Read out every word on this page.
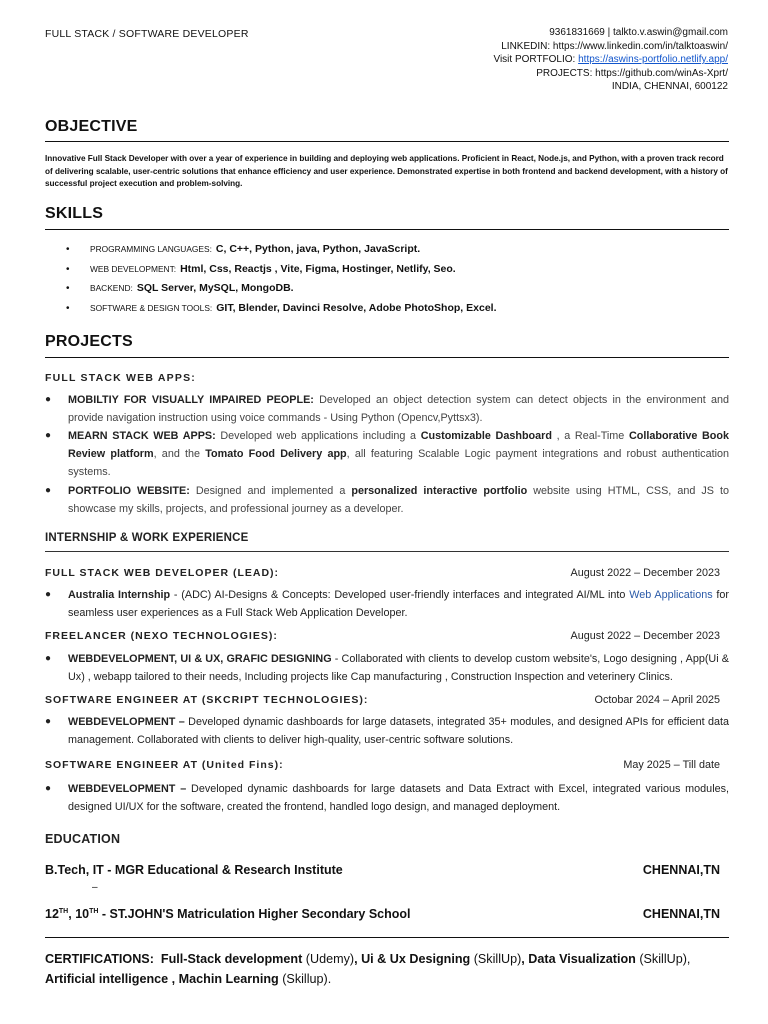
FULL STACK / SOFTWARE DEVELOPER	9361831669 | talkto.v.aswin@gmail.com
LINKEDIN: https://www.linkedin.com/in/talktoaswin/
Visit PORTFOLIO: https://aswins-portfolio.netlify.app/
PROJECTS: https://github.com/winAs-Xprt/
INDIA, CHENNAI, 600122
OBJECTIVE
Innovative Full Stack Developer with over a year of experience in building and deploying web applications. Proficient in React, Node.js, and Python, with a proven track record of delivering scalable, user-centric solutions that enhance efficiency and user experience. Demonstrated expertise in both frontend and backend development, with a history of successful project execution and problem-solving.
SKILLS
•	PROGRAMMING LANGUAGES: C, C++, Python, java, Python, JavaScript.
•	WEB DEVELOPMENT: Html, Css, Reactjs , Vite, Figma, Hostinger, Netlify, Seo.
•	BACKEND: SQL Server, MySQL, MongoDB.
•	SOFTWARE & DESIGN TOOLS: GIT, Blender, Davinci Resolve, Adobe PhotoShop, Excel.
PROJECTS
FULL STACK WEB APPS:
● MOBILTIY FOR VISUALLY IMPAIRED PEOPLE: Developed an object detection system can detect objects in the environment and provide navigation instruction using voice commands - Using Python (Opencv,Pyttsx3).
● MEARN STACK WEB APPS: Developed web applications including a Customizable Dashboard , a Real-Time Collaborative Book Review platform, and the Tomato Food Delivery app, all featuring Scalable Logic payment integrations and robust authentication systems.
● PORTFOLIO WEBSITE: Designed and implemented a personalized interactive portfolio website using HTML, CSS, and JS to showcase my skills, projects, and professional journey as a developer.
INTERNSHIP & WORK EXPERIENCE
FULL STACK WEB DEVELOPER (LEAD):	August 2022 – December 2023
● Australia Internship - (ADC) AI-Designs & Concepts: Developed user-friendly interfaces and integrated AI/ML into Web Applications for seamless user experiences as a Full Stack Web Application Developer.
FREELANCER (NEXO TECHNOLOGIES):	August 2022 – December 2023
● WEBDEVELOPMENT, UI & UX, GRAFIC DESIGNING - Collaborated with clients to develop custom website's, Logo designing , App(Ui & Ux) , webapp tailored to their needs, Including projects like Cap manufacturing , Construction Inspection and veterinery Clinics.
SOFTWARE ENGINEER AT (SKCRIPT TECHNOLOGIES):	Octobar 2024 – April 2025
● WEBDEVELOPMENT – Developed dynamic dashboards for large datasets, integrated 35+ modules, and designed APIs for efficient data management. Collaborated with clients to deliver high-quality, user-centric software solutions.
SOFTWARE ENGINEER AT (United Fins):	May 2025 – Till date
● WEBDEVELOPMENT – Developed dynamic dashboards for large datasets and Data Extract with Excel, integrated various modules, designed UI/UX for the software, created the frontend, handled logo design, and managed deployment.
EDUCATION
B.Tech, IT - MGR Educational & Research Institute	CHENNAI,TN
–
12TH, 10TH - ST.JOHN'S Matriculation Higher Secondary School	CHENNAI,TN
CERTIFICATIONS: Full-Stack development (Udemy), Ui & Ux Designing (SkillUp), Data Visualization (SkillUp),
Artificial intelligence , Machin Learning (Skillup).
